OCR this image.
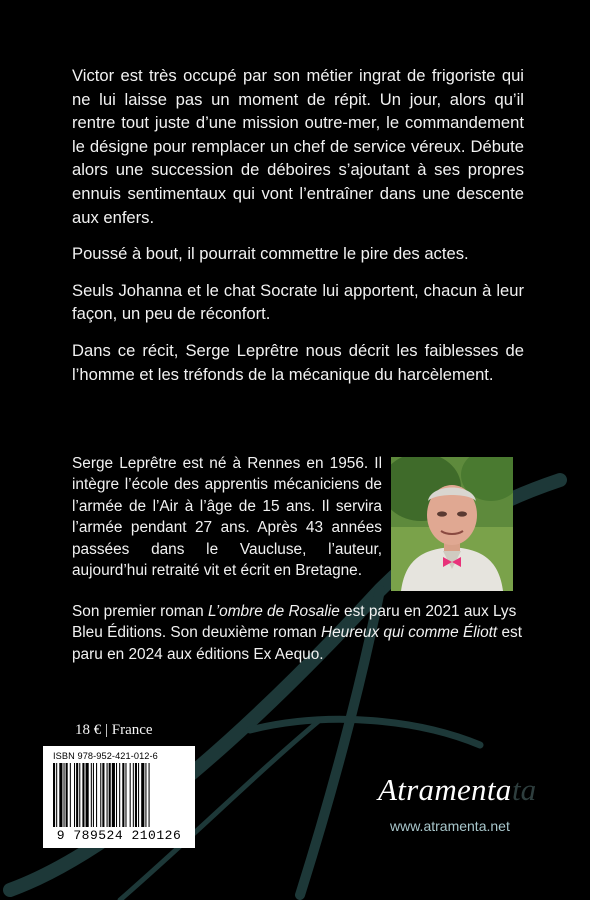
Victor est très occupé par son métier ingrat de frigoriste qui ne lui laisse pas un moment de répit. Un jour, alors qu’il rentre tout juste d’une mission outre-mer, le commandement le désigne pour remplacer un chef de service véreux. Débute alors une succession de déboires s’ajoutant à ses propres ennuis sentimentaux qui vont l’entraîner dans une descente aux enfers.

Poussé à bout, il pourrait commettre le pire des actes.

Seuls Johanna et le chat Socrate lui apportent, chacun à leur façon, un peu de réconfort.

Dans ce récit, Serge Leprêtre nous décrit les faiblesses de l’homme et les tréfonds de la mécanique du harcèlement.

Serge Leprêtre est né à Rennes en 1956. Il intègre l’école des apprentis mécaniciens de l’armée de l’Air à l’âge de 15 ans. Il servira l’armée pendant 27 ans. Après 43 années passées dans le Vaucluse, l’auteur, aujourd’hui retraité vit et écrit en Bretagne.
Son premier roman L’ombre de Rosalie est paru en 2021 aux Lys Bleu Éditions. Son deuxième roman Heureux qui comme Éliott est paru en 2024 aux éditions Ex Aequo.
18 € | France
ISBN 978-952-421-012-6
9 789524 210126
Atramenta ta
www.atramenta.net
